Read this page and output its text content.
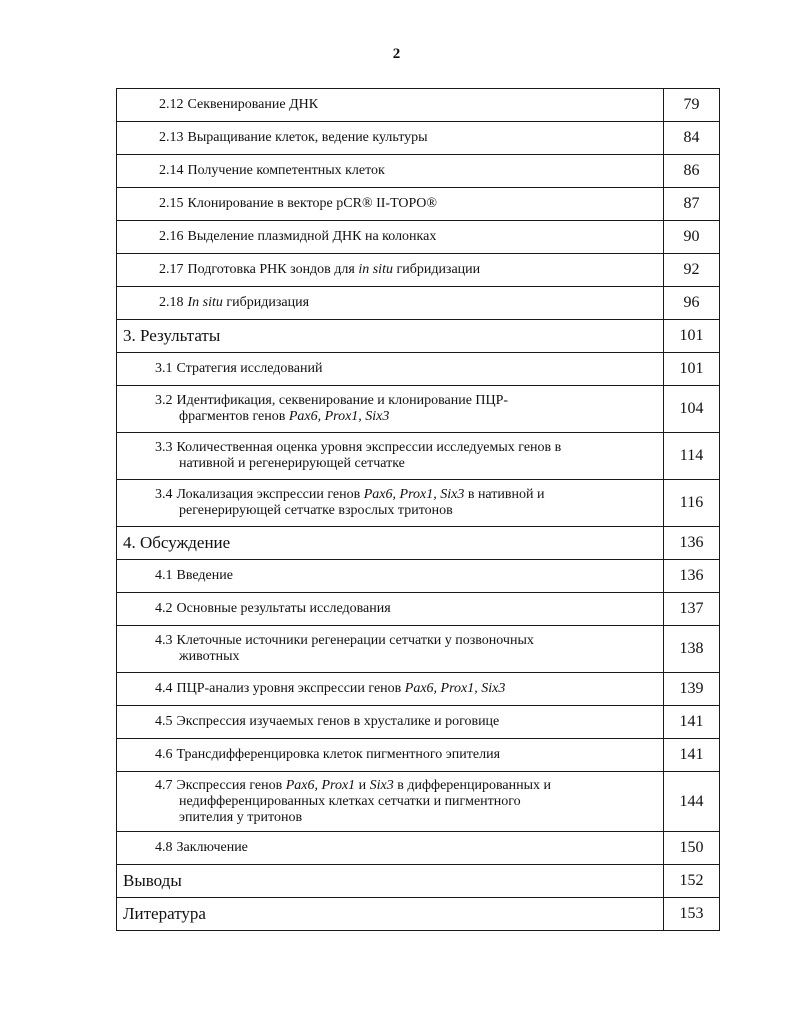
2
2.12 Секвенирование ДНК	79
2.13 Выращивание клеток, ведение культуры	84
2.14 Получение компетентных клеток	86
2.15 Клонирование в векторе pCR® II-TOPO®	87
2.16 Выделение плазмидной ДНК на колонках	90
2.17 Подготовка РНК зондов для in situ гибридизации	92
2.18 In situ гибридизация	96
3. Результаты	101
3.1 Стратегия исследований	101
3.2 Идентификация, секвенирование и клонирование ПЦР-
фрагментов генов Pax6, Prox1, Six3	104
3.3 Количественная оценка уровня экспрессии исследуемых генов в
нативной и регенерирующей сетчатке	114
3.4 Локализация экспрессии генов Pax6, Prox1, Six3 в нативной и
регенерирующей сетчатке взрослых тритонов	116
4. Обсуждение	136
4.1 Введение	136
4.2 Основные результаты исследования	137
4.3 Клеточные источники регенерации сетчатки у позвоночных
животных	138
4.4 ПЦР-анализ уровня экспрессии генов Pax6, Prox1, Six3	139
4.5 Экспрессия изучаемых генов в хрусталике и роговице	141
4.6 Трансдифференцировка клеток пигментного эпителия	141
4.7 Экспрессия генов Pax6, Prox1 и Six3 в дифференцированных и
недифференцированных клетках сетчатки и пигментного
эпителия у тритонов	144
4.8 Заключение	150
Выводы	152
Литература	153
